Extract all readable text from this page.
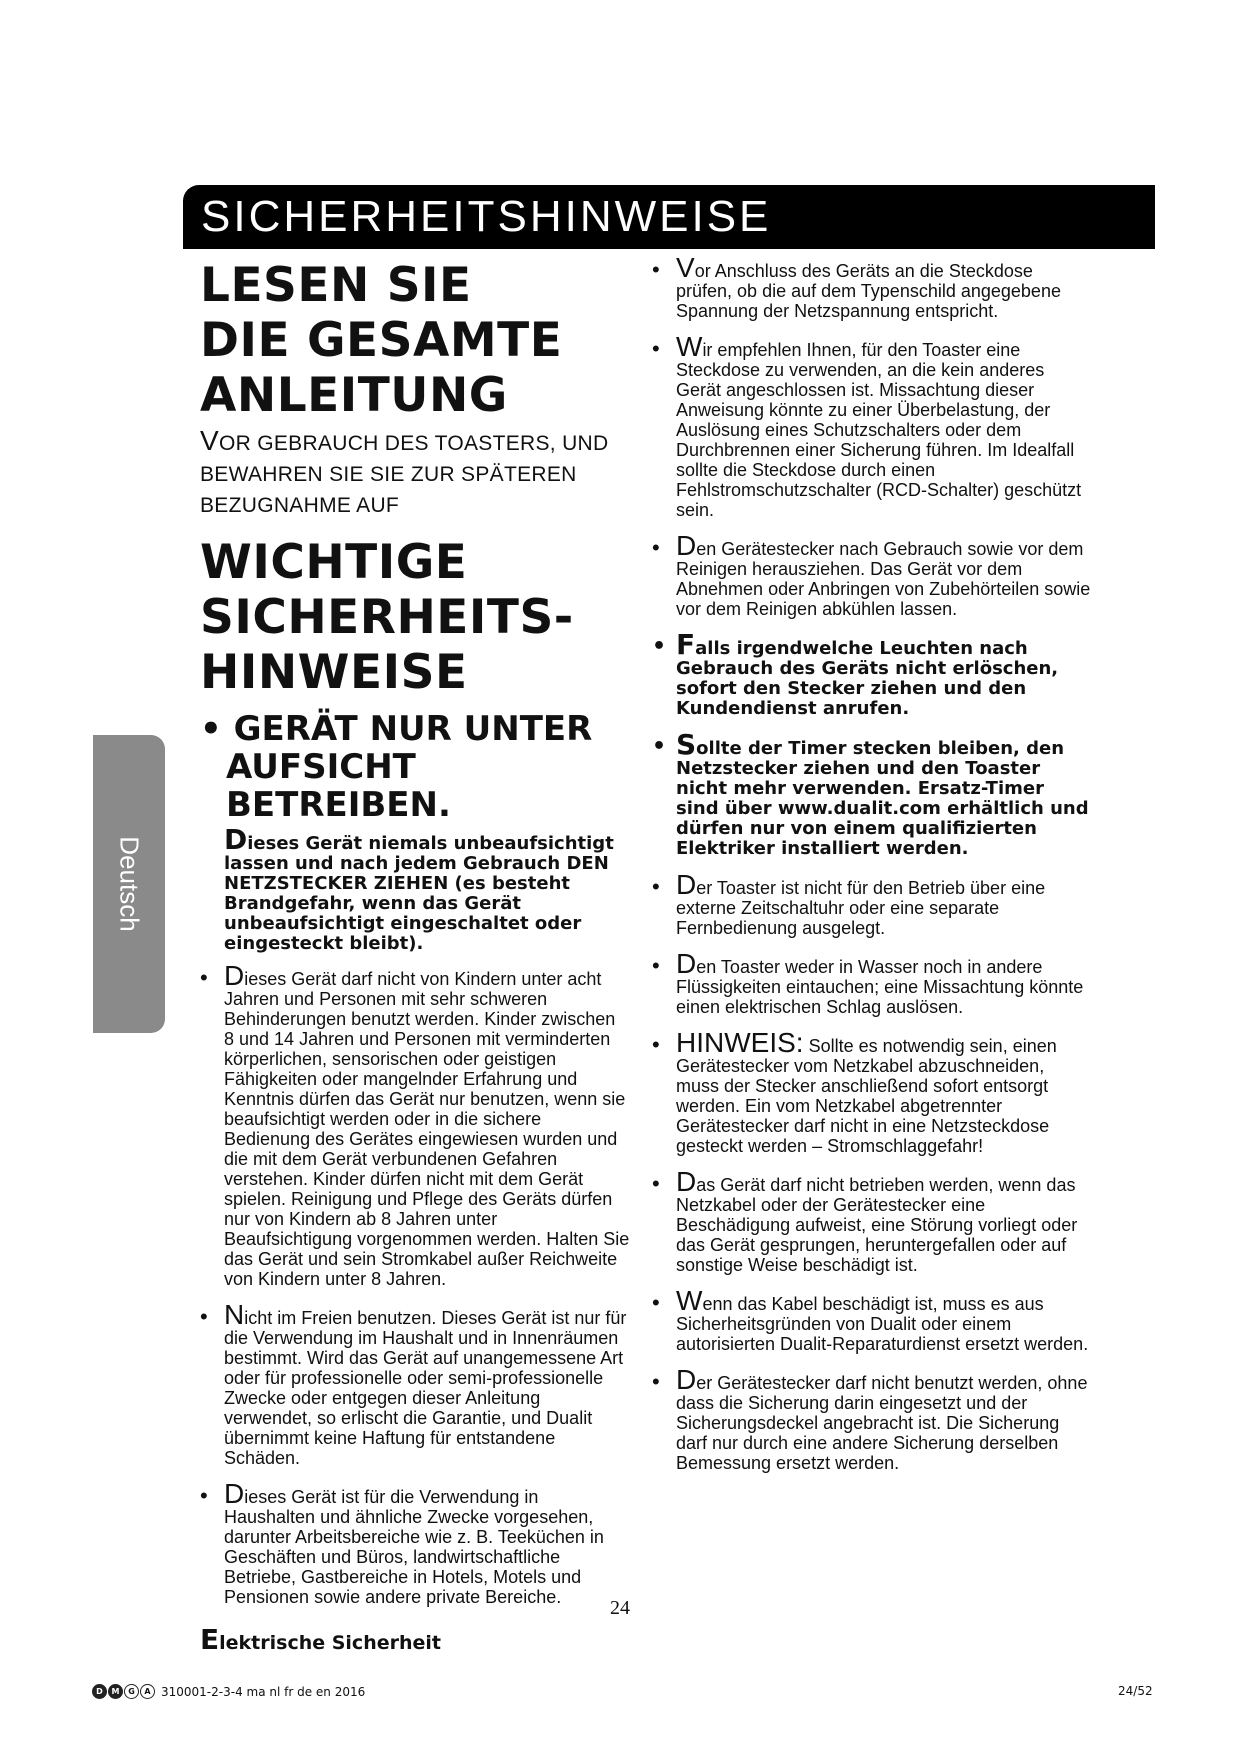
SICHERHEITSHINWEISE
Deutsch

LESEN SIE

DIE GESAMTE

ANLEITUNG

VOR GEBRAUCH DES TOASTERS, UND BEWAHREN SIE SIE ZUR SPÄTEREN BEZUGNAHME AUF

WICHTIGE

SICHERHEITS-

HINWEISE

• GERÄT NUR UNTER AUFSICHT BETREIBEN.

Dieses Gerät niemals unbeaufsichtigt lassen und nach jedem Gebrauch DEN NETZSTECKER ZIEHEN (es besteht Brandgefahr, wenn das Gerät unbeaufsichtigt eingeschaltet oder eingesteckt bleibt).

• Dieses Gerät darf nicht von Kindern unter acht Jahren und Personen mit sehr schweren Behinderungen benutzt werden. Kinder zwischen 8 und 14 Jahren und Personen mit verminderten körperlichen, sensorischen oder geistigen Fähigkeiten oder mangelnder Erfahrung und Kenntnis dürfen das Gerät nur benutzen, wenn sie beaufsichtigt werden oder in die sichere Bedienung des Gerätes eingewiesen wurden und die mit dem Gerät verbundenen Gefahren verstehen. Kinder dürfen nicht mit dem Gerät spielen. Reinigung und Pflege des Geräts dürfen nur von Kindern ab 8 Jahren unter Beaufsichtigung vorgenommen werden. Halten Sie das Gerät und sein Stromkabel außer Reichweite von Kindern unter 8 Jahren.
• Nicht im Freien benutzen. Dieses Gerät ist nur für die Verwendung im Haushalt und in Innenräumen bestimmt. Wird das Gerät auf unangemessene Art oder für professionelle oder semi-professionelle Zwecke oder entgegen dieser Anleitung verwendet, so erlischt die Garantie, und Dualit übernimmt keine Haftung für entstandene Schäden.
• Dieses Gerät ist für die Verwendung in Haushalten und ähnliche Zwecke vorgesehen, darunter Arbeitsbereiche wie z. B. Teeküchen in Geschäften und Büros, landwirtschaftliche Betriebe, Gastbereiche in Hotels, Motels und Pensionen sowie andere private Bereiche.
Elektrische Sicherheit
• Vor Anschluss des Geräts an die Steckdose prüfen, ob die auf dem Typenschild angegebene Spannung der Netzspannung entspricht.
• Wir empfehlen Ihnen, für den Toaster eine Steckdose zu verwenden, an die kein anderes Gerät angeschlossen ist. Missachtung dieser Anweisung könnte zu einer Überbelastung, der Auslösung eines Schutzschalters oder dem Durchbrennen einer Sicherung führen. Im Idealfall sollte die Steckdose durch einen Fehlstromschutzschalter (RCD-Schalter) geschützt sein.
• Den Gerätestecker nach Gebrauch sowie vor dem Reinigen herausziehen. Das Gerät vor dem Abnehmen oder Anbringen von Zubehörteilen sowie vor dem Reinigen abkühlen lassen.
• Falls irgendwelche Leuchten nach Gebrauch des Geräts nicht erlöschen, sofort den Stecker ziehen und den Kundendienst anrufen.
• Sollte der Timer stecken bleiben, den Netzstecker ziehen und den Toaster nicht mehr verwenden. Ersatz-Timer sind über www.dualit.com erhältlich und dürfen nur von einem qualifizierten Elektriker installiert werden.
• Der Toaster ist nicht für den Betrieb über eine externe Zeitschaltuhr oder eine separate Fernbedienung ausgelegt.
• Den Toaster weder in Wasser noch in andere Flüssigkeiten eintauchen; eine Missachtung könnte einen elektrischen Schlag auslösen.
• HINWEIS: Sollte es notwendig sein, einen Gerätestecker vom Netzkabel abzuschneiden, muss der Stecker anschließend sofort entsorgt werden. Ein vom Netzkabel abgetrennter Gerätestecker darf nicht in eine Netzsteckdose gesteckt werden – Stromschlaggefahr!
• Das Gerät darf nicht betrieben werden, wenn das Netzkabel oder der Gerätestecker eine Beschädigung aufweist, eine Störung vorliegt oder das Gerät gesprungen, heruntergefallen oder auf sonstige Weise beschädigt ist.
• Wenn das Kabel beschädigt ist, muss es aus Sicherheitsgründen von Dualit oder einem autorisierten Dualit-Reparaturdienst ersetzt werden.
• Der Gerätestecker darf nicht benutzt werden, ohne dass die Sicherung darin eingesetzt und der Sicherungsdeckel angebracht ist. Die Sicherung darf nur durch eine andere Sicherung derselben Bemessung ersetzt werden.
24
D	M	G	A 310001-2-3-4 ma nl fr de en 2016	24/52
